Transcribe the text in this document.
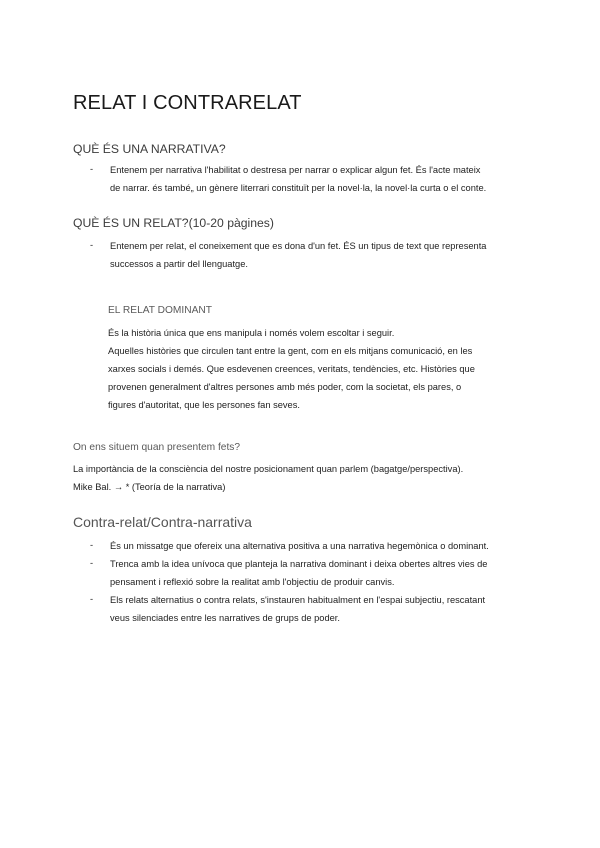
RELAT I CONTRARELAT
QUÈ ÉS UNA NARRATIVA?
- Entenem per narrativa l'habilitat o destresa per narrar o explicar algun fet. És l'acte mateix
de narrar. és també„ un gènere literrari constituït per la novel·la, la novel·la curta o el conte.
QUÈ ÉS UN RELAT?(10-20 pàgines)
- Entenem per relat, el coneixement que es dona d'un fet. ÉS un tipus de text que representa
successos a partir del llenguatge.
EL RELAT DOMINANT
És la història única que ens manipula i només volem escoltar i seguir.
Aquelles històries que circulen tant entre la gent, com en els mitjans comunicació, en les
xarxes socials i demés. Que esdevenen creences, veritats, tendències, etc. Històries que
provenen generalment d'altres persones amb més poder, com la societat, els pares, o
figures d'autoritat, que les persones fan seves.
On ens situem quan presentem fets?
La importància de la consciència del nostre posicionament quan parlem (bagatge/perspectiva).
Mike Bal. → * (Teoría de la narrativa)
Contra-relat/Contra-narrativa
- És un missatge que ofereix una alternativa positiva a una narrativa hegemònica o dominant.
- Trenca amb la idea unívoca que planteja la narrativa dominant i deixa obertes altres vies de
pensament i reflexió sobre la realitat amb l'objectiu de produir canvis.
- Els relats alternatius o contra relats, s'instauren habitualment en l'espai subjectiu, rescatant
veus silenciades entre les narratives de grups de poder.
